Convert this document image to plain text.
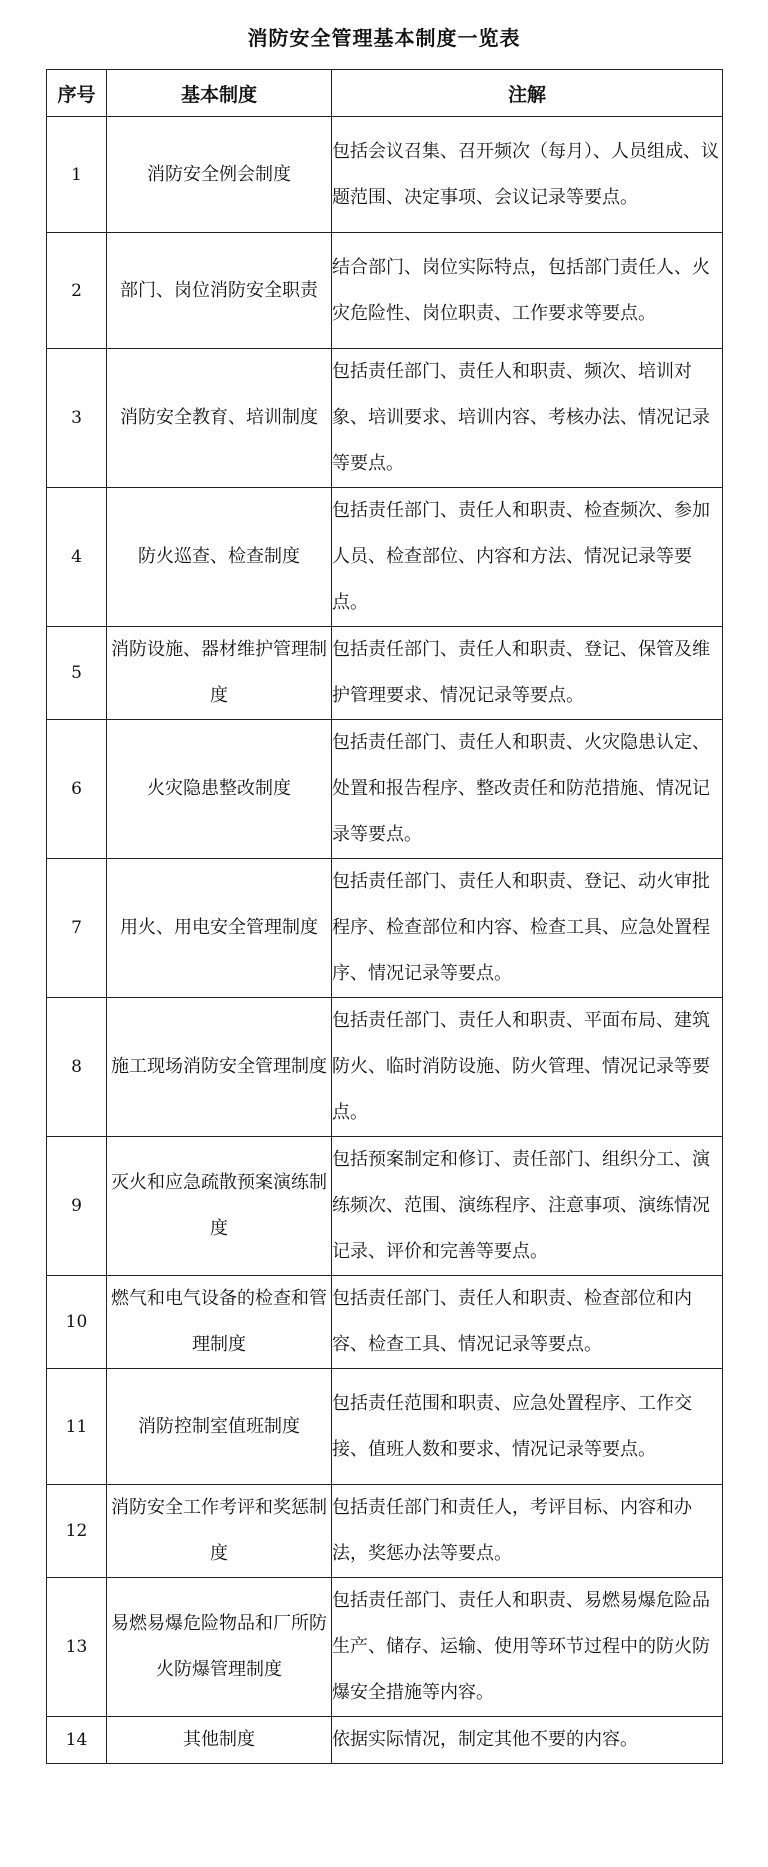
消防安全管理基本制度一览表
序号	基本制度	注解
1	消防安全例会制度	包括会议召集、召开频次（每月）、人员组成、议题范围、决定事项、会议记录等要点。
2	部门、岗位消防安全职责	结合部门、岗位实际特点，包括部门责任人、火灾危险性、岗位职责、工作要求等要点。
3	消防安全教育、培训制度	包括责任部门、责任人和职责、频次、培训对象、培训要求、培训内容、考核办法、情况记录等要点。
4	防火巡查、检查制度	包括责任部门、责任人和职责、检查频次、参加人员、检查部位、内容和方法、情况记录等要点。
5	消防设施、器材维护管理制度	包括责任部门、责任人和职责、登记、保管及维护管理要求、情况记录等要点。
6	火灾隐患整改制度	包括责任部门、责任人和职责、火灾隐患认定、处置和报告程序、整改责任和防范措施、情况记录等要点。
7	用火、用电安全管理制度	包括责任部门、责任人和职责、登记、动火审批程序、检查部位和内容、检查工具、应急处置程序、情况记录等要点。
8	施工现场消防安全管理制度	包括责任部门、责任人和职责、平面布局、建筑防火、临时消防设施、防火管理、情况记录等要点。
9	灭火和应急疏散预案演练制度	包括预案制定和修订、责任部门、组织分工、演练频次、范围、演练程序、注意事项、演练情况记录、评价和完善等要点。
10	燃气和电气设备的检查和管理制度	包括责任部门、责任人和职责、检查部位和内容、检查工具、情况记录等要点。
11	消防控制室值班制度	包括责任范围和职责、应急处置程序、工作交接、值班人数和要求、情况记录等要点。
12	消防安全工作考评和奖惩制度	包括责任部门和责任人，考评目标、内容和办法，奖惩办法等要点。
13	易燃易爆危险物品和厂所防火防爆管理制度	包括责任部门、责任人和职责、易燃易爆危险品生产、储存、运输、使用等环节过程中的防火防爆安全措施等内容。
14	其他制度	依据实际情况，制定其他不要的内容。
